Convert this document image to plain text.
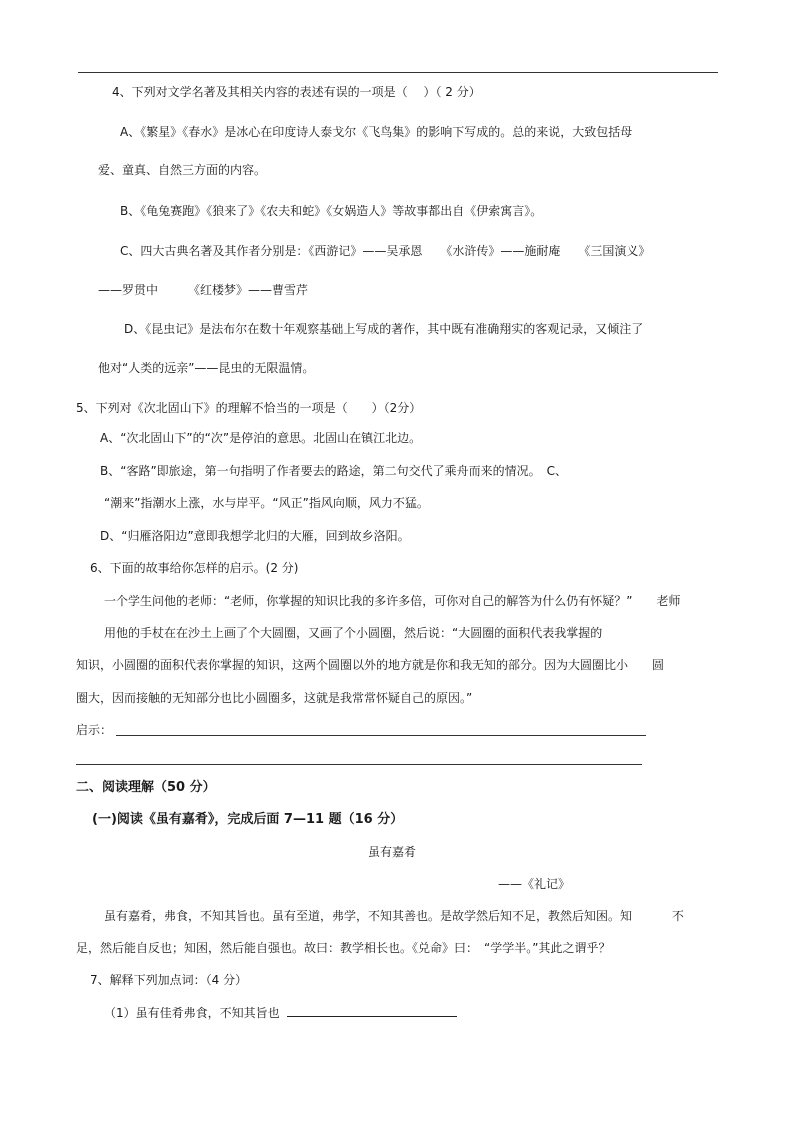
4、下列对文学名著及其相关内容的表述有误的一项是（　 ）（ 2 分）
A、《繁星》《春水》是冰心在印度诗人泰戈尔《飞鸟集》的影响下写成的。总的来说，大致包括母
爱、童真、自然三方面的内容。
B、《龟兔赛跑》《狼来了》《农夫和蛇》《女娲造人》等故事都出自《伊索寓言》。
C、四大古典名著及其作者分别是：《西游记》——吴承恩　　《水浒传》——施耐庵　　《三国演义》
——罗贯中　　　《红楼梦》——曹雪芹
D、《昆虫记》是法布尔在数十年观察基础上写成的著作，其中既有准确翔实的客观记录，又倾注了
他对“人类的远亲”——昆虫的无限温情。
5、下列对《次北固山下》的理解不恰当的一项是（　　）（2分）
A、“次北固山下”的“次”是停泊的意思。北固山在镇江北边。
B、“客路”即旅途，第一句指明了作者要去的路途，第二句交代了乘舟而来的情况。　C、
“潮来”指潮水上涨，水与岸平。“风正”指风向顺，风力不猛。
D、“归雁洛阳边”意即我想学北归的大雁，回到故乡洛阳。
6、下面的故事给你怎样的启示。(2 分)
一个学生问他的老师：“老师，你掌握的知识比我的多许多倍，可你对自己的解答为什么仍有怀疑？”　　老师
用他的手杖在在沙土上画了个大圆圈，又画了个小圆圈，然后说：“大圆圈的面积代表我掌握的
知识，小圆圈的面积代表你掌握的知识，这两个圆圈以外的地方就是你和我无知的部分。因为大圆圈比小　　圆
圈大，因而接触的无知部分也比小圆圈多，这就是我常常怀疑自己的原因。”
启示：
二、阅读理解（50 分）
(一)阅读《虽有嘉肴》，完成后面 7—11 题（16 分）
虽有嘉肴
——《礼记》
虽有嘉肴，弗食，不知其旨也。虽有至道，弗学，不知其善也。是故学然后知不足，教然后知困。知　　　 不
足，然后能自反也；知困，然后能自强也。故曰：教学相长也。《兑命》曰：　“学学半。”其此之谓乎？
7、解释下列加点词：（4 分）
（1）虽有佳肴弗食，不知其旨也
